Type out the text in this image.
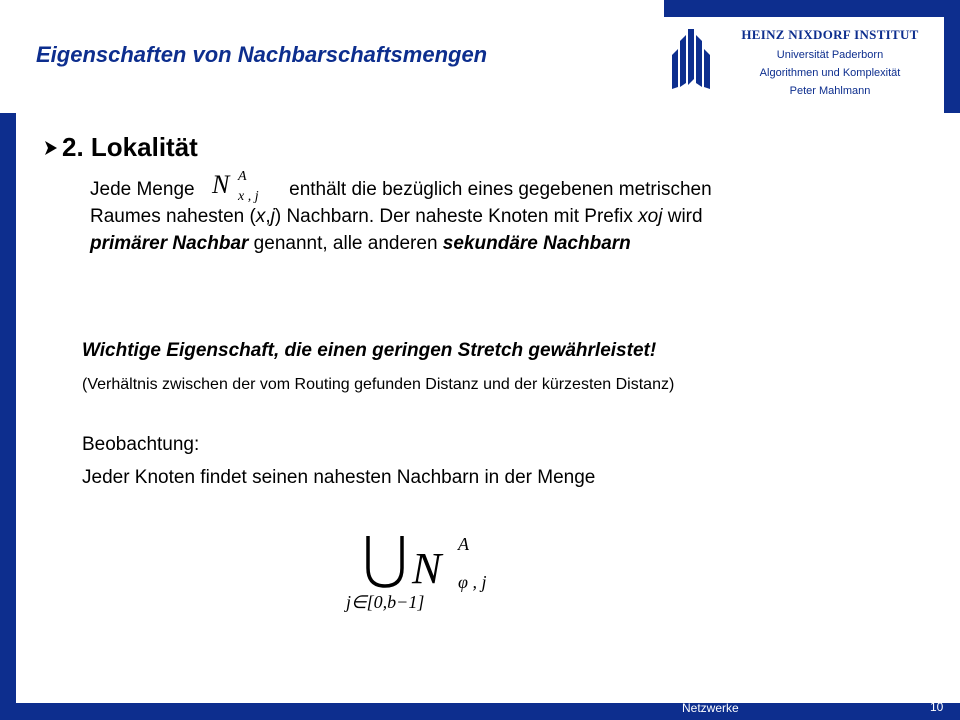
HEINZ NIXDORF INSTITUT
Universität Paderborn
Algorithmen und Komplexität
Peter Mahlmann
Eigenschaften von Nachbarschaftsmengen
2. Lokalität
Jede Menge N A
x , j enthält die bezüglich eines gegebenen metrischen
Raumes nahesten (x,j) Nachbarn. Der naheste Knoten mit Prefix xoj wird
primärer Nachbar genannt, alle anderen sekundäre Nachbarn
Wichtige Eigenschaft, die einen geringen Stretch gewährleistet!
(Verhältnis zwischen der vom Routing gefunden Distanz und der kürzesten Distanz)
Beobachtung:
Jeder Knoten findet seinen nahesten Nachbarn in der Menge
N A
φ , j
j∈[0,b−1]
Algorithmen für Peer-to-Peer-Netzwerke	10
